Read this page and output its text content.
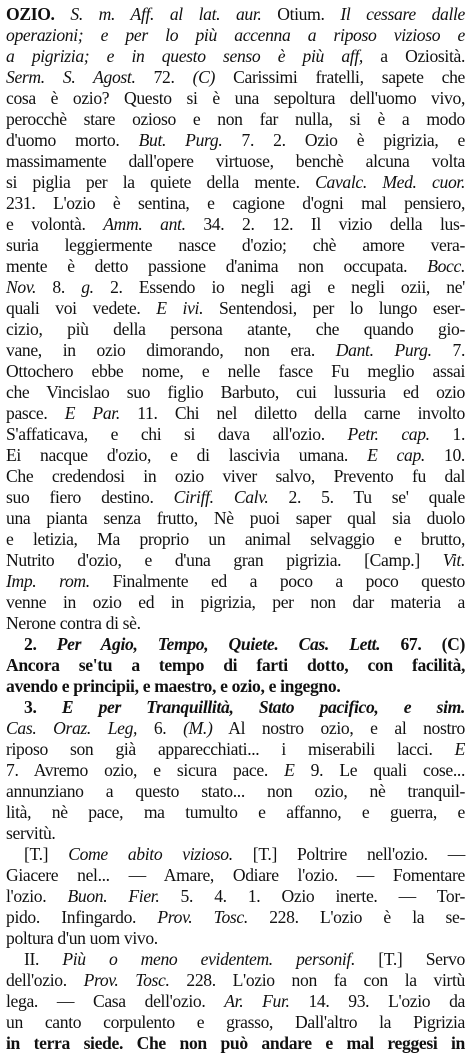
OZIO. S. m. Aff. al lat. aur. Otium. Il cessare dalle
operazioni; e per lo più accenna a riposo vizioso e
a pigrizia; e in questo senso è più aff, a Oziosità.
Serm. S. Agost. 72. (C) Carissimi fratelli, sapete che
cosa è ozio? Questo si è una sepoltura dell'uomo vivo,
perocchè stare ozioso e non far nulla, si è a modo
d'uomo morto. But. Purg. 7. 2. Ozio è pigrizia, e
massimamente dall'opere virtuose, benchè alcuna volta
si piglia per la quiete della mente. Cavalc. Med. cuor.
231. L'ozio è sentina, e cagione d'ogni mal pensiero,
e volontà. Amm. ant. 34. 2. 12. Il vizio della lus-
suria leggiermente nasce d'ozio; chè amore vera-
mente è detto passione d'anima non occupata. Bocc.
Nov. 8. g. 2. Essendo io negli agi e negli ozii, ne'
quali voi vedete. E ivi. Sentendosi, per lo lungo eser-
cizio, più della persona atante, che quando gio-
vane, in ozio dimorando, non era. Dant. Purg. 7.
Ottochero ebbe nome, e nelle fasce Fu meglio assai
che Vincislao suo figlio Barbuto, cui lussuria ed ozio
pasce. E Par. 11. Chi nel diletto della carne involto
S'affaticava, e chi si dava all'ozio. Petr. cap. 1.
Ei nacque d'ozio, e di lascivia umana. E cap. 10.
Che credendosi in ozio viver salvo, Prevento fu dal
suo fiero destino. Ciriff. Calv. 2. 5. Tu se' quale
una pianta senza frutto, Nè puoi saper qual sia duolo
e letizia, Ma proprio un animal selvaggio e brutto,
Nutrito d'ozio, e d'una gran pigrizia. [Camp.] Vit.
Imp. rom. Finalmente ed a poco a poco questo
venne in ozio ed in pigrizia, per non dar materia a
Nerone contra di sè.
2. Per Agio, Tempo, Quiete. Cas. Lett. 67. (C)
Ancora se'tu a tempo di farti dotto, con facilità,
avendo e principii, e maestro, e ozio, e ingegno.
3. E per Tranquillità, Stato pacifico, e sim.
Cas. Oraz. Leg, 6. (M.) Al nostro ozio, e al nostro
riposo son già apparecchiati... i miserabili lacci. E
7. Avremo ozio, e sicura pace. E 9. Le quali cose...
annunziano a questo stato... non ozio, nè tranquil-
lità, nè pace, ma tumulto e affanno, e guerra, e
servitù.
[T.] Come abito vizioso. [T.] Poltrire nell'ozio. —
Giacere nel... — Amare, Odiare l'ozio. — Fomentare
l'ozio. Buon. Fier. 5. 4. 1. Ozio inerte. — Tor-
pido. Infingardo. Prov. Tosc. 228. L'ozio è la se-
poltura d'un uom vivo.
II. Più o meno evidentem. personif. [T.] Servo
dell'ozio. Prov. Tosc. 228. L'ozio non fa con la virtù
lega. — Casa dell'ozio. Ar. Fur. 14. 93. L'ozio da
un canto corpulento e grasso, Dall'altro la Pigrizia
in terra siede. Che non può andare e mal reggesi in
